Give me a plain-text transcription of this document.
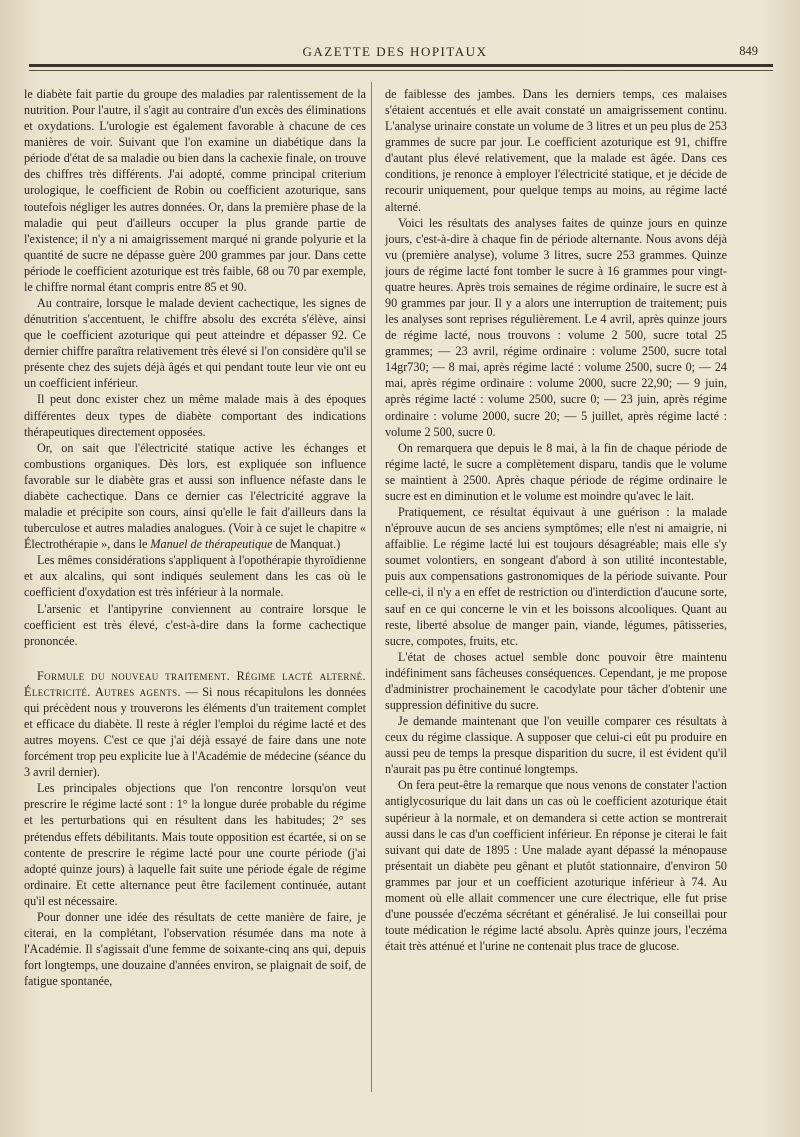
GAZETTE DES HOPITAUX	849

le diabète fait partie du groupe des maladies par ralentissement de la nutrition. Pour l'autre, il s'agit au contraire d'un excès des éliminations et oxydations. L'urologie est également favorable à chacune de ces manières de voir. Suivant que l'on examine un diabétique dans la période d'état de sa maladie ou bien dans la cachexie finale, on trouve des chiffres très différents. J'ai adopté, comme principal criterium urologique, le coefficient de Robin ou coefficient azoturique, sans toutefois négliger les autres données. Or, dans la première phase de la maladie qui peut d'ailleurs occuper la plus grande partie de l'existence; il n'y a ni amaigrissement marqué ni grande polyurie et la quantité de sucre ne dépasse guère 200 grammes par jour. Dans cette période le coefficient azoturique est très faible, 68 ou 70 par exemple, le chiffre normal étant compris entre 85 et 90.

Au contraire, lorsque le malade devient cachectique, les signes de dénutrition s'accentuent, le chiffre absolu des excréta s'élève, ainsi que le coefficient azoturique qui peut atteindre et dépasser 92. Ce dernier chiffre paraîtra relativement très élevé si l'on considère qu'il se présente chez des sujets déjà âgés et qui pendant toute leur vie ont eu un coefficient inférieur.

Il peut donc exister chez un même malade mais à des époques différentes deux types de diabète comportant des indications thérapeutiques directement opposées.

Or, on sait que l'électricité statique active les échanges et combustions organiques. Dès lors, est expliquée son influence favorable sur le diabète gras et aussi son influence néfaste dans le diabète cachectique. Dans ce dernier cas l'électricité aggrave la maladie et précipite son cours, ainsi qu'elle le fait d'ailleurs dans la tuberculose et autres maladies analogues. (Voir à ce sujet le chapitre « Électrothérapie », dans le Manuel de thérapeutique de Manquat.)

Les mêmes considérations s'appliquent à l'opothérapie thyroïdienne et aux alcalins, qui sont indiqués seulement dans les cas où le coefficient d'oxydation est très inférieur à la normale.

L'arsenic et l'antipyrine conviennent au contraire lorsque le coefficient est très élevé, c'est-à-dire dans la forme cachectique prononcée.

Formule du nouveau traitement. Régime lacté alterné. Électricité. Autres agents. — Si nous récapitulons les données qui précèdent nous y trouverons les éléments d'un traitement complet et efficace du diabète. Il reste à régler l'emploi du régime lacté et des autres moyens. C'est ce que j'ai déjà essayé de faire dans une note forcément trop peu explicite lue à l'Académie de médecine (séance du 3 avril dernier).

Les principales objections que l'on rencontre lorsqu'on veut prescrire le régime lacté sont : 1° la longue durée probable du régime et les perturbations qui en résultent dans les habitudes; 2° ses prétendus effets débilitants. Mais toute opposition est écartée, si on se contente de prescrire le régime lacté pour une courte période (j'ai adopté quinze jours) à laquelle fait suite une période égale de régime ordinaire. Et cette alternance peut être facilement continuée, autant qu'il est nécessaire.

Pour donner une idée des résultats de cette manière de faire, je citerai, en la complétant, l'observation résumée dans ma note à l'Académie. Il s'agissait d'une femme de soixante-cinq ans qui, depuis fort longtemps, une douzaine d'années environ, se plaignait de soif, de fatigue spontanée,

de faiblesse des jambes. Dans les derniers temps, ces malaises s'étaient accentués et elle avait constaté un amaigrissement continu. L'analyse urinaire constate un volume de 3 litres et un peu plus de 253 grammes de sucre par jour. Le coefficient azoturique est 91, chiffre d'autant plus élevé relativement, que la malade est âgée. Dans ces conditions, je renonce à employer l'électricité statique, et je décide de recourir uniquement, pour quelque temps au moins, au régime lacté alterné.

Voici les résultats des analyses faites de quinze jours en quinze jours, c'est-à-dire à chaque fin de période alternante. Nous avons déjà vu (première analyse), volume 3 litres, sucre 253 grammes. Quinze jours de régime lacté font tomber le sucre à 16 grammes pour vingt-quatre heures. Après trois semaines de régime ordinaire, le sucre est à 90 grammes par jour. Il y a alors une interruption de traitement; puis les analyses sont reprises régulièrement. Le 4 avril, après quinze jours de régime lacté, nous trouvons : volume 2 500, sucre total 25 grammes; — 23 avril, régime ordinaire : volume 2500, sucre total 14gr730; — 8 mai, après régime lacté : volume 2500, sucre 0; — 24 mai, après régime ordinaire : volume 2000, sucre 22,90; — 9 juin, après régime lacté : volume 2500, sucre 0; — 23 juin, après régime ordinaire : volume 2000, sucre 20; — 5 juillet, après régime lacté : volume 2 500, sucre 0.

On remarquera que depuis le 8 mai, à la fin de chaque période de régime lacté, le sucre a complètement disparu, tandis que le volume se maintient à 2500. Après chaque période de régime ordinaire le sucre est en diminution et le volume est moindre qu'avec le lait.

Pratiquement, ce résultat équivaut à une guérison : la malade n'éprouve aucun de ses anciens symptômes; elle n'est ni amaigrie, ni affaiblie. Le régime lacté lui est toujours désagréable; mais elle s'y soumet volontiers, en songeant d'abord à son utilité incontestable, puis aux compensations gastronomiques de la période suivante. Pour celle-ci, il n'y a en effet de restriction ou d'interdiction d'aucune sorte, sauf en ce qui concerne le vin et les boissons alcooliques. Quant au reste, liberté absolue de manger pain, viande, légumes, pâtisseries, sucre, compotes, fruits, etc.

L'état de choses actuel semble donc pouvoir être maintenu indéfiniment sans fâcheuses conséquences. Cependant, je me propose d'administrer prochainement le cacodylate pour tâcher d'obtenir une suppression définitive du sucre.

Je demande maintenant que l'on veuille comparer ces résultats à ceux du régime classique. A supposer que celui-ci eût pu produire en aussi peu de temps la presque disparition du sucre, il est évident qu'il n'aurait pas pu être continué longtemps.

On fera peut-être la remarque que nous venons de constater l'action antiglycosurique du lait dans un cas où le coefficient azoturique était supérieur à la normale, et on demandera si cette action se montrerait aussi dans le cas d'un coefficient inférieur. En réponse je citerai le fait suivant qui date de 1895 : Une malade ayant dépassé la ménopause présentait un diabète peu gênant et plutôt stationnaire, d'environ 50 grammes par jour et un coefficient azoturique inférieur à 74. Au moment où elle allait commencer une cure électrique, elle fut prise d'une poussée d'eczéma sécrétant et généralisé. Je lui conseillai pour toute médication le régime lacté absolu. Après quinze jours, l'eczéma était très atténué et l'urine ne contenait plus trace de glucose.
